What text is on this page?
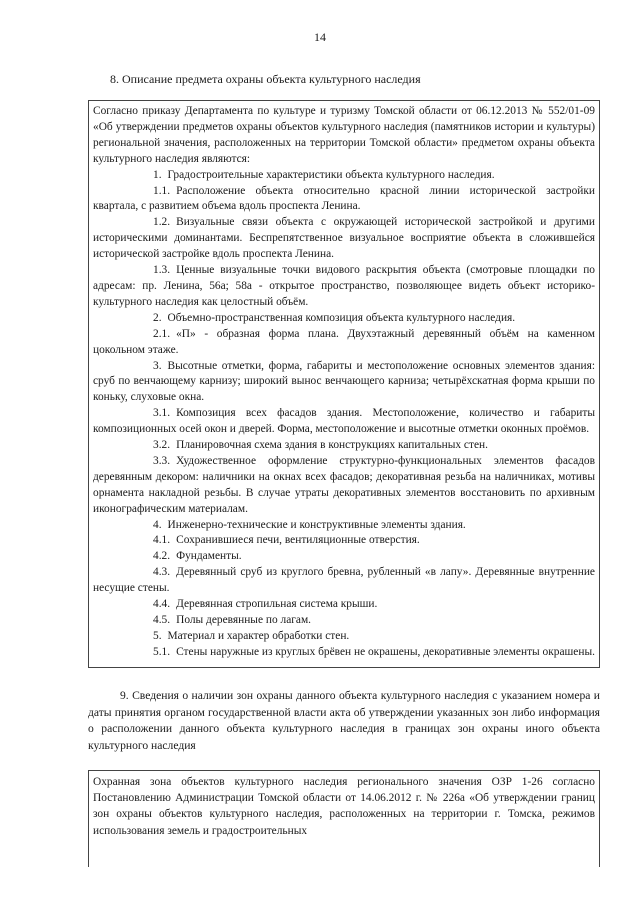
14
8. Описание предмета охраны объекта культурного наследия

Согласно приказу Департамента по культуре и туризму Томской области от 06.12.2013 № 552/01-09 «Об утверждении предметов охраны объектов культурного наследия (памятников истории и культуры) региональной значения, расположенных на территории Томской области» предметом охраны объекта культурного наследия являются:

1. Градостроительные характеристики объекта культурного наследия.

1.1. Расположение объекта относительно красной линии исторической застройки квартала, с развитием объема вдоль проспекта Ленина.

1.2. Визуальные связи объекта с окружающей исторической застройкой и другими историческими доминантами. Беспрепятственное визуальное восприятие объекта в сложившейся исторической застройке вдоль проспекта Ленина.

1.3. Ценные визуальные точки видового раскрытия объекта (смотровые площадки по адресам: пр. Ленина, 56а; 58а - открытое пространство, позволяющее видеть объект историко-культурного наследия как целостный объём.

2. Объемно-пространственная композиция объекта культурного наследия.

2.1. «П» - образная форма плана. Двухэтажный деревянный объём на каменном цокольном этаже.

3. Высотные отметки, форма, габариты и местоположение основных элементов здания: сруб по венчающему карнизу; широкий вынос венчающего карниза; четырёхскатная форма крыши по коньку, слуховые окна.

3.1. Композиция всех фасадов здания. Местоположение, количество и габариты композиционных осей окон и дверей. Форма, местоположение и высотные отметки оконных проёмов.

3.2. Планировочная схема здания в конструкциях капитальных стен.

3.3. Художественное оформление структурно-функциональных элементов фасадов деревянным декором: наличники на окнах всех фасадов; декоративная резьба на наличниках, мотивы орнамента накладной резьбы. В случае утраты декоративных элементов восстановить по архивным иконографическим материалам.

4. Инженерно-технические и конструктивные элементы здания.

4.1. Сохранившиеся печи, вентиляционные отверстия.

4.2. Фундаменты.

4.3. Деревянный сруб из круглого бревна, рубленный «в лапу». Деревянные внутренние несущие стены.

4.4. Деревянная стропильная система крыши.

4.5. Полы деревянные по лагам.

5. Материал и характер обработки стен.

5.1. Стены наружные из круглых брёвен не окрашены, декоративные элементы окрашены.

9. Сведения о наличии зон охраны данного объекта культурного наследия с указанием номера и даты принятия органом государственной власти акта об утверждении указанных зон либо информация о расположении данного объекта культурного наследия в границах зон охраны иного объекта культурного наследия

Охранная зона объектов культурного наследия регионального значения ОЗР 1-26 согласно Постановлению Администрации Томской области от 14.06.2012 г. № 226а «Об утверждении границ зон охраны объектов культурного наследия, расположенных на территории г. Томска, режимов использования земель и градостроительных
